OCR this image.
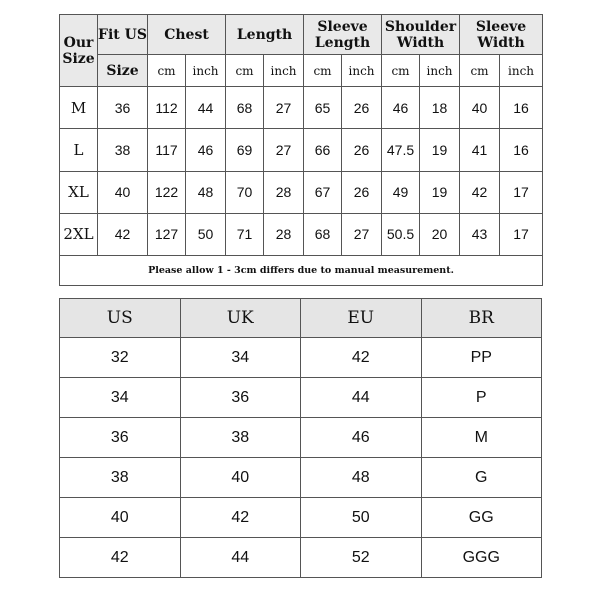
Our Size	Fit US	Chest		Length		Sleeve Length		Shoulder Width		Sleeve Width	
	Size	cm	inch	cm	inch	cm	inch	cm	inch	cm	inch
M	36	112	44	68	27	65	26	46	18	40	16
L	38	117	46	69	27	66	26	47.5	19	41	16
XL	40	122	48	70	28	67	26	49	19	42	17
2XL	42	127	50	71	28	68	27	50.5	20	43	17
Please allow 1 - 3cm differs due to manual measurement.											
US	UK	EU	BR
32	34	42	PP
34	36	44	P
36	38	46	M
38	40	48	G
40	42	50	GG
42	44	52	GGG
